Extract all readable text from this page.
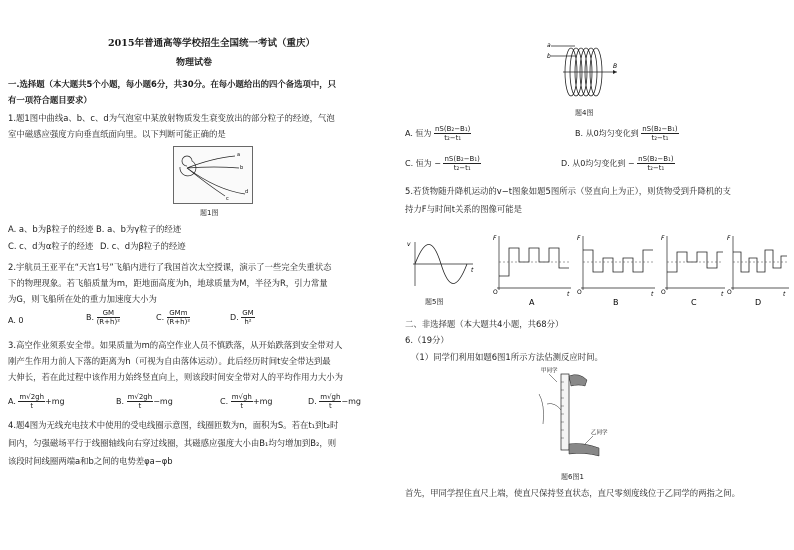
2015年普通高等学校招生全国统一考试（重庆）
物理试卷
一.选择题（本大题共5个小题，每小题6分，共30分。在每小题给出的四个备选项中，只
有一项符合题目要求）
1.题1图中曲线a、b、c、d为气泡室中某放射物质发生衰变放出的部分粒子的经迹，气泡
室中磁感应强度方向垂直纸面向里。以下判断可能正确的是
a
b
c
d
题1图
A. a、b为β粒子的经迹 B. a、b为γ粒子的经迹
C. c、d为α粒子的经迹 D. c、d为β粒子的经迹
2.宇航员王亚平在“天宫1号”飞船内进行了我国首次太空授课，演示了一些完全失重状态
下的物理现象。若飞船质量为m，距地面高度为h，地球质量为M，半径为R，引力常量
为G，则飞船所在处的重力加速度大小为
A. 0	B. $\frac{GM}{\text{(R+h)²}}$	C. $\frac{\text{GMm}}{\text{(R+h)²}}$	D. $\frac{GM}{\text{h²}}$
3.高空作业须系安全带。如果质量为m的高空作业人员不慎跌落，从开始跌落到安全带对人
刚产生作用力前人下落的距离为h（可视为自由落体运动）。此后经历时间t安全带达到最
大伸长，若在此过程中该作用力始终竖直向上，则该段时间安全带对人的平均作用力大小为
A. $\frac{m√2gh}{t} +mg$	B. $\frac{m√2gh}{t} -mg$	C. $\frac{m√gh}{t} +mg$	D. $\frac{m√gh}{t} -mg$
4.题4图为无线充电技术中使用的受电线圈示意图，线圈匝数为n，面积为S。若在t₁到t₂时
间内，匀强磁场平行于线圈轴线向右穿过线圈，其磁感应强度大小由B₁均匀增加到B₂，则
该段时间线圈两端a和b之间的电势差φa−φb
a
b
B
题4图
A. 恒为 $\frac{\text{nS(B₂−B₁)}}{\text{t₂−t₁}}$	B. 从0均匀变化到 $\frac{\text{nS(B₂−B₁)}}{\text{t₂−t₁}}$
C. 恒为 − $\frac{\text{nS(B₂−B₁)}}{\text{t₂−t₁}}$	D. 从0均匀变化到 − $\frac{\text{nS(B₂−B₁)}}{\text{t₂−t₁}}$
5.若货物随升降机运动的v−t图象如题5图所示（竖直向上为正），则货物受到升降机的支
持力F与时间t关系的图像可能是
v
t
F
t
O
A
F
t
O
B
F
t
O
C
F
t
O
D
题5图
二、非选择题（本大题共4小题，共68分）
6.（19分）
（1）同学们利用如题6图1所示方法估测反应时间。
甲同学
乙同学
题6图1
首先，甲同学捏住直尺上端，使直尺保持竖直状态，直尺零刻度线位于乙同学的两指之间。
